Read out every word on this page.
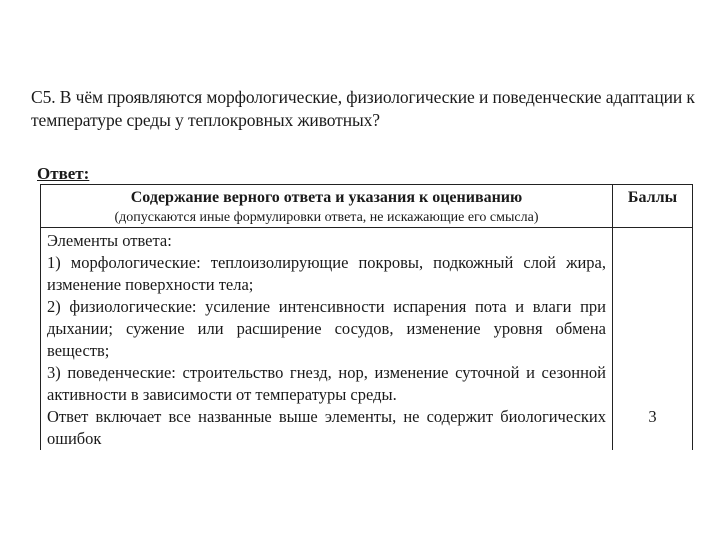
С5. В чём проявляются морфологические, физиологические и поведенческие адаптации к температуре среды у теплокровных животных?
Ответ:
Содержание верного ответа и указания к оцениванию
(допускаются иные формулировки ответа, не искажающие его смысла)	Баллы

Элементы ответа:

1) морфологические: теплоизолирующие покровы, подкожный слой жира, изменение поверхности тела;

2) физиологические: усиление интенсивности испарения пота и влаги при дыхании; сужение или расширение сосудов, изменение уровня обмена веществ;

3) поведенческие: строительство гнезд, нор, изменение суточной и сезонной активности в зависимости от температуры среды.

Ответ включает все названные выше элементы, не содержит биологических ошибок	3
